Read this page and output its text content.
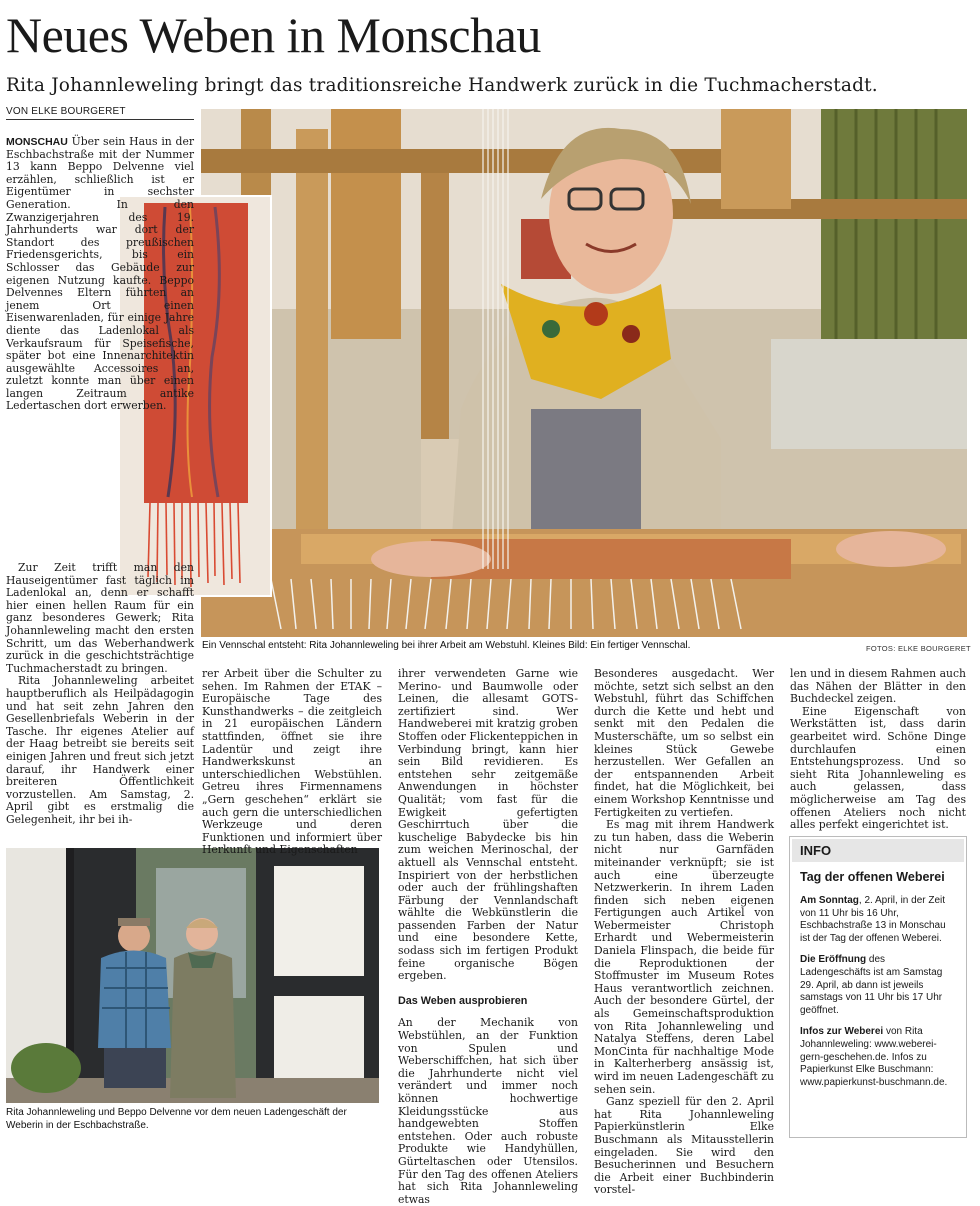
Neues Weben in Monschau
Rita Johannleweling bringt das traditionsreiche Handwerk zurück in die Tuchmacherstadt.
VON ELKE BOURGERET
Ein Vennschal entsteht: Rita Johannleweling bei ihrer Arbeit am Webstuhl. Kleines Bild: Ein fertiger Vennschal.	FOTOS: ELKE BOURGERET

MONSCHAU Über sein Haus in der Eschbachstraße mit der Nummer 13 kann Beppo Delvenne viel erzählen, schließlich ist er Eigentümer in sechster Generation. In den Zwanzigerjahren des 19. Jahrhunderts war dort der Standort des preußischen Friedensgerichts, bis ein Schlosser das Gebäude zur eigenen Nutzung kaufte. Beppo Delvennes Eltern führten an jenem Ort einen Eisenwarenladen, für einige Jahre diente das Ladenlokal als Verkaufsraum für Speisefische, später bot eine Innenarchitektin ausgewählte Accessoires an, zuletzt konnte man über einen langen Zeitraum antike Ledertaschen dort erwerben.

Zur Zeit trifft man den Hauseigentümer fast täglich im Ladenlokal an, denn er schafft hier einen hellen Raum für ein ganz besonderes Gewerk; Rita Johannleweling macht den ersten Schritt, um das Weberhandwerk zurück in die geschichtsträchtige Tuchmacherstadt zu bringen.

Rita Johannleweling arbeitet hauptberuflich als Heilpädagogin und hat seit zehn Jahren den Gesellenbriefals Weberin in der Tasche. Ihr eigenes Atelier auf der Haag betreibt sie bereits seit einigen Jahren und freut sich jetzt darauf, ihr Handwerk einer breiteren Öffentlichkeit vorzustellen. Am Samstag, 2. April gibt es erstmalig die Gelegenheit, ihr bei ih-

Rita Johannleweling und Beppo Delvenne vor dem neuen Ladengeschäft der Weberin in der Eschbachstraße.

rer Arbeit über die Schulter zu sehen. Im Rahmen der ETAK – Europäische Tage des Kunsthandwerks – die zeitgleich in 21 europäischen Ländern stattfinden, öffnet sie ihre Ladentür und zeigt ihre Handwerkskunst an unterschiedlichen Webstühlen. Getreu ihres Firmennamens „Gern geschehen“ erklärt sie auch gern die unterschiedlichen Werkzeuge und deren Funktionen und informiert über Herkunft und Eigenschaften

ihrer verwendeten Garne wie Merino- und Baumwolle oder Leinen, die allesamt GOTS-zertifiziert sind. Wer Handweberei mit kratzig groben Stoffen oder Flickenteppichen in Verbindung bringt, kann hier sein Bild revidieren. Es entstehen sehr zeitgemäße Anwendungen in höchster Qualität; vom fast für die Ewigkeit gefertigten Geschirrtuch über die kuschelige Babydecke bis hin zum weichen Merinoschal, der aktuell als Vennschal entsteht. Inspiriert von der herbstlichen oder auch der frühlingshaften Färbung der Vennlandschaft wählte die Webkünstlerin die passenden Farben der Natur und eine besondere Kette, sodass sich im fertigen Produkt feine organische Bögen ergeben.

Das Weben ausprobieren

An der Mechanik von Webstühlen, an der Funktion von Spulen und Weberschiffchen, hat sich über die Jahrhunderte nicht viel verändert und immer noch können hochwertige Kleidungsstücke aus handgewebten Stoffen entstehen. Oder auch robuste Produkte wie Handyhüllen, Gürteltaschen oder Utensilos. Für den Tag des offenen Ateliers hat sich Rita Johannleweling etwas

Besonderes ausgedacht. Wer möchte, setzt sich selbst an den Webstuhl, führt das Schiffchen durch die Kette und hebt und senkt mit den Pedalen die Musterschäfte, um so selbst ein kleines Stück Gewebe herzustellen. Wer Gefallen an der entspannenden Arbeit findet, hat die Möglichkeit, bei einem Workshop Kenntnisse und Fertigkeiten zu vertiefen.

Es mag mit ihrem Handwerk zu tun haben, dass die Weberin nicht nur Garnfäden miteinander verknüpft; sie ist auch eine überzeugte Netzwerkerin. In ihrem Laden finden sich neben eigenen Fertigungen auch Artikel von Webermeister Christoph Erhardt und Webermeisterin Daniela Flinspach, die beide für die Reproduktionen der Stoffmuster im Museum Rotes Haus verantwortlich zeichnen. Auch der besondere Gürtel, der als Gemeinschaftsproduktion von Rita Johannleweling und Natalya Steffens, deren Label MonCinta für nachhaltige Mode in Kalterherberg ansässig ist, wird im neuen Ladengeschäft zu sehen sein.

Ganz speziell für den 2. April hat Rita Johannleweling Papierkünstlerin Elke Buschmann als Mitausstellerin eingeladen. Sie wird den Besucherinnen und Besuchern die Arbeit einer Buchbinderin vorstel-

len und in diesem Rahmen auch das Nähen der Blätter in den Buchdeckel zeigen.

Eine Eigenschaft von Werkstätten ist, dass darin gearbeitet wird. Schöne Dinge durchlaufen einen Entstehungsprozess. Und so sieht Rita Johannleweling es auch gelassen, dass möglicherweise am Tag des offenen Ateliers noch nicht alles perfekt eingerichtet ist.

INFO
Tag der offenen Weberei

Am Sonntag, 2. April, in der Zeit von 11 Uhr bis 16 Uhr, Eschbachstraße 13 in Monschau ist der Tag der offenen Weberei.

Die Eröffnung des Ladengeschäfts ist am Samstag 29. April, ab dann ist jeweils samstags von 11 Uhr bis 17 Uhr geöffnet.

Infos zur Weberei von Rita Johannleweling: www.weberei-gern-geschehen.de. Infos zu Papierkunst Elke Buschmann: www.papierkunst-buschmann.de.
